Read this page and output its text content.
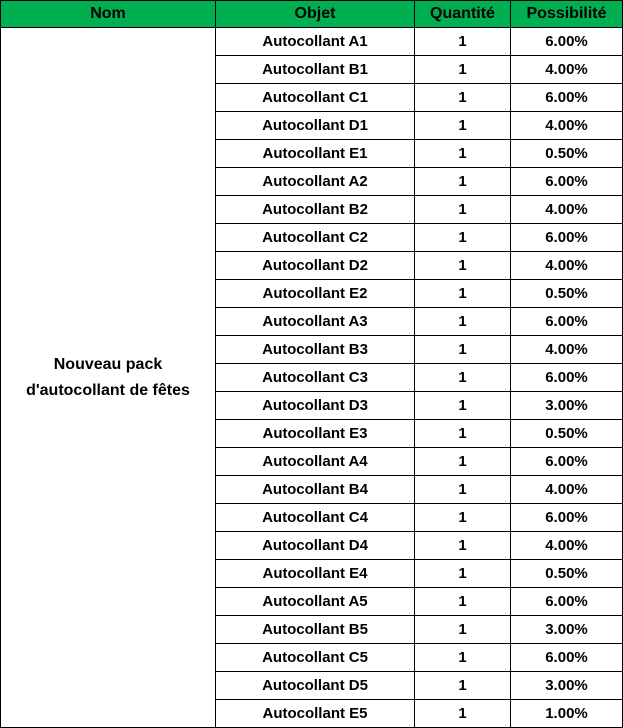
Nom	Objet	Quantité	Possibilité
Nouveau pack d'autocollant de fêtes	Autocollant A1	1	6.00%
	Autocollant B1	1	4.00%
	Autocollant C1	1	6.00%
	Autocollant D1	1	4.00%
	Autocollant E1	1	0.50%
	Autocollant A2	1	6.00%
	Autocollant B2	1	4.00%
	Autocollant C2	1	6.00%
	Autocollant D2	1	4.00%
	Autocollant E2	1	0.50%
	Autocollant A3	1	6.00%
	Autocollant B3	1	4.00%
	Autocollant C3	1	6.00%
	Autocollant D3	1	3.00%
	Autocollant E3	1	0.50%
	Autocollant A4	1	6.00%
	Autocollant B4	1	4.00%
	Autocollant C4	1	6.00%
	Autocollant D4	1	4.00%
	Autocollant E4	1	0.50%
	Autocollant A5	1	6.00%
	Autocollant B5	1	3.00%
	Autocollant C5	1	6.00%
	Autocollant D5	1	3.00%
	Autocollant E5	1	1.00%
